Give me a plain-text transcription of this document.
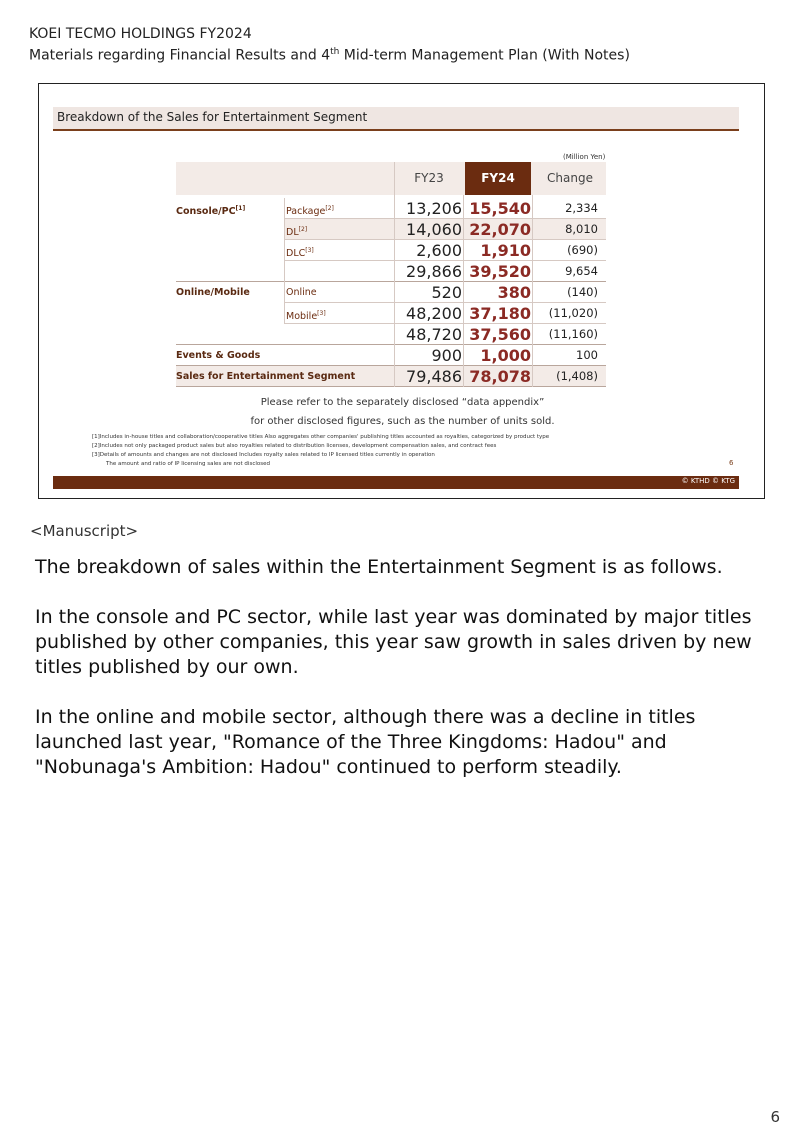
KOEI TECMO HOLDINGS FY2024
Materials regarding Financial Results and 4th Mid-term Management Plan (With Notes)
Breakdown of the Sales for Entertainment Segment
(Million Yen)
FY23	FY24	Change
Console/PC[1]	Package[2]	13,206 15,540	2,334
DL[2]	14,060 22,070	8,010
DLC[3]	2,600	1,910	(690)
29,866 39,520	9,654
Online/Mobile	Online	520	380	(140)
Mobile[3]	48,200 37,180	(11,020)
48,720 37,560	(11,160)
Events & Goods	900	1,000	100
Sales for Entertainment Segment	79,486 78,078	(1,408)
Please refer to the separately disclosed “data appendix”
for other disclosed figures, such as the number of units sold.
[1]Includes in-house titles and collaboration/cooperative titles Also aggregates other companies' publishing titles accounted as royalties, categorized by product type
[2]Includes not only packaged product sales but also royalties related to distribution licenses, development compensation sales, and contract fees
[3]Details of amounts and changes are not disclosed Includes royalty sales related to IP licensed titles currently in operation
The amount and ratio of IP licensing sales are not disclosed	6
© KTHD © KTG
<Manuscript>

The breakdown of sales within the Entertainment Segment is as follows.

In the console and PC sector, while last year was dominated by major titles published by other companies, this year saw growth in sales driven by new titles published by our own.

In the online and mobile sector, although there was a decline in titles launched last year, "Romance of the Three Kingdoms: Hadou" and "Nobunaga's Ambition: Hadou" continued to perform steadily.

6
